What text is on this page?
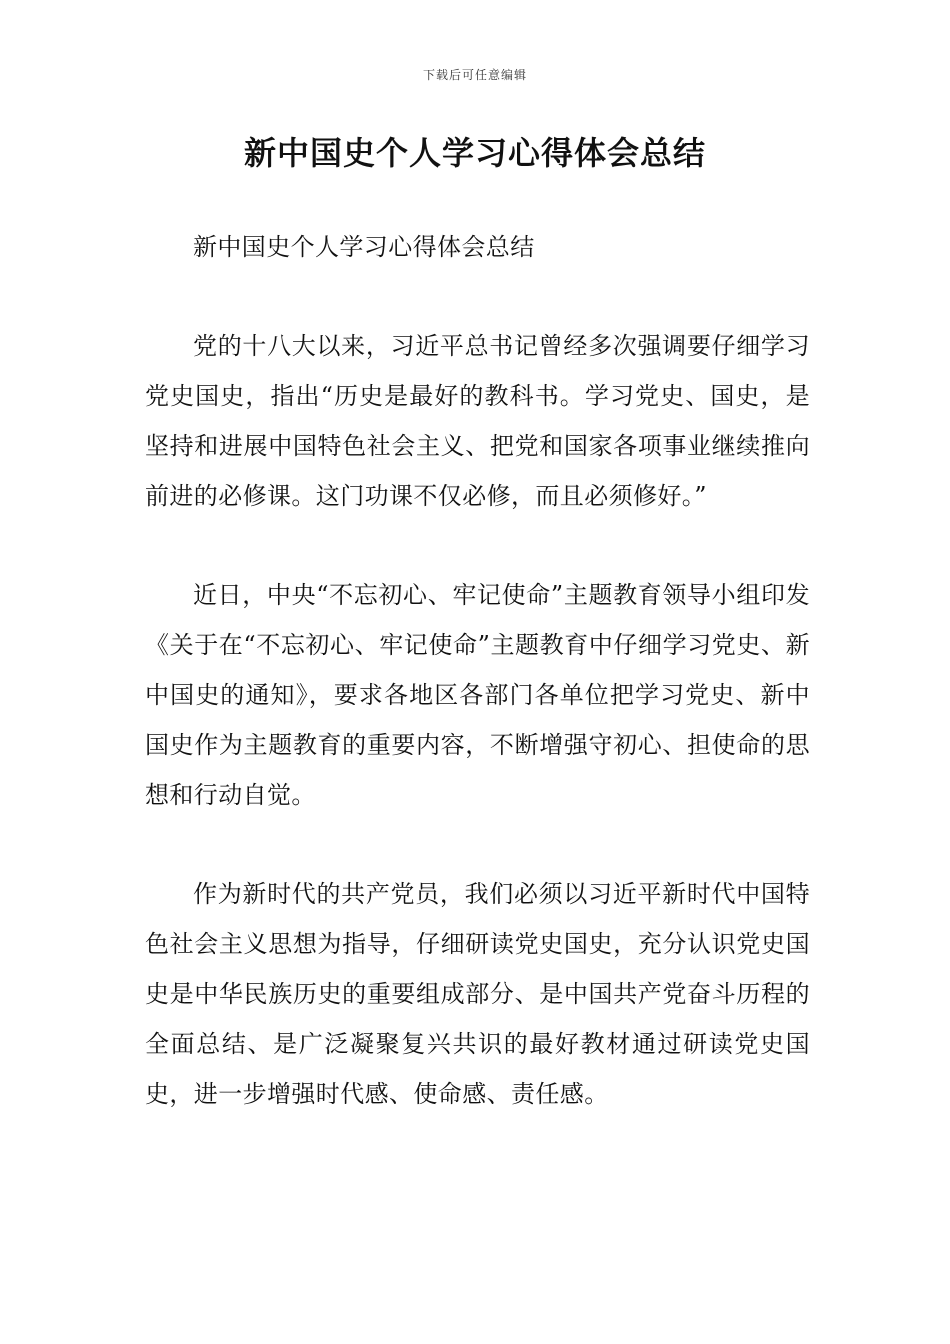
下载后可任意编辑
新中国史个人学习心得体会总结

新中国史个人学习心得体会总结

党的十八大以来，习近平总书记曾经多次强调要仔细学习党史国史，指出“历史是最好的教科书。学习党史、国史，是坚持和进展中国特色社会主义、把党和国家各项事业继续推向前进的必修课。这门功课不仅必修，而且必须修好。”

近日，中央“不忘初心、牢记使命”主题教育领导小组印发《关于在“不忘初心、牢记使命”主题教育中仔细学习党史、新中国史的通知》，要求各地区各部门各单位把学习党史、新中国史作为主题教育的重要内容，不断增强守初心、担使命的思想和行动自觉。

作为新时代的共产党员，我们必须以习近平新时代中国特色社会主义思想为指导，仔细研读党史国史，充分认识党史国史是中华民族历史的重要组成部分、是中国共产党奋斗历程的全面总结、是广泛凝聚复兴共识的最好教材通过研读党史国史，进一步增强时代感、使命感、责任感。
